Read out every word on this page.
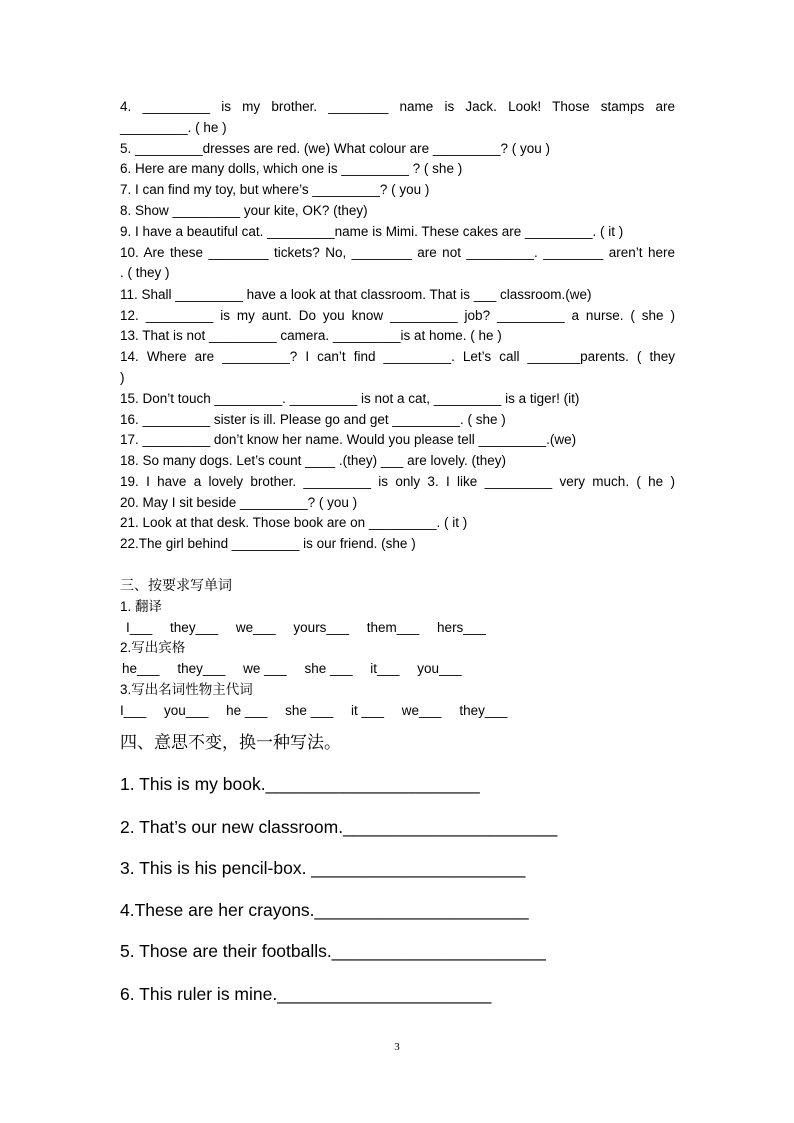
4. _________ is my brother. ________ name is Jack. Look! Those stamps are
_________. ( he )
5. _________dresses are red. (we) What colour are _________? ( you )
6. Here are many dolls, which one is _________ ? ( she )
7. I can find my toy, but where’s _________? ( you )
8. Show _________ your kite, OK? (they)
9. I have a beautiful cat. _________name is Mimi. These cakes are _________. ( it )
10. Are these ________ tickets? No, ________ are not _________. ________ aren’t here
. ( they )
11. Shall _________ have a look at that classroom. That is ___ classroom.(we)
12. _________ is my aunt. Do you know _________ job? _________ a nurse. ( she )
13. That is not _________ camera. _________is at home. ( he )
14. Where are _________? I can’t find _________. Let’s call _______parents. ( they
)
15. Don’t touch _________. _________ is not a cat, _________ is a tiger! (it)
16. _________ sister is ill. Please go and get _________. ( she )
17. _________ don’t know her name. Would you please tell _________.(we)
18. So many dogs. Let’s count ____ .(they) ___ are lovely. (they)
19. I have a lovely brother. _________ is only 3. I like _________ very much. ( he )
20. May I sit beside _________? ( you )
21. Look at that desk. Those book are on _________. ( it )
22.The girl behind _________ is our friend. (she )
三、按要求写单词
1. 翻译
I___ they___ we___ yours___ them___ hers___
2.写出宾格
he___ they___ we ___ she ___ it___ you___
3.写出名词性物主代词
I___ you___ he ___ she ___ it ___ we___ they___
四、意思不变，换一种写法。
1. This is my book.______________________
2. That’s our new classroom.______________________
3. This is his pencil-box. ______________________
4.These are her crayons.______________________
5. Those are their footballs.______________________
6. This ruler is mine.______________________
3
